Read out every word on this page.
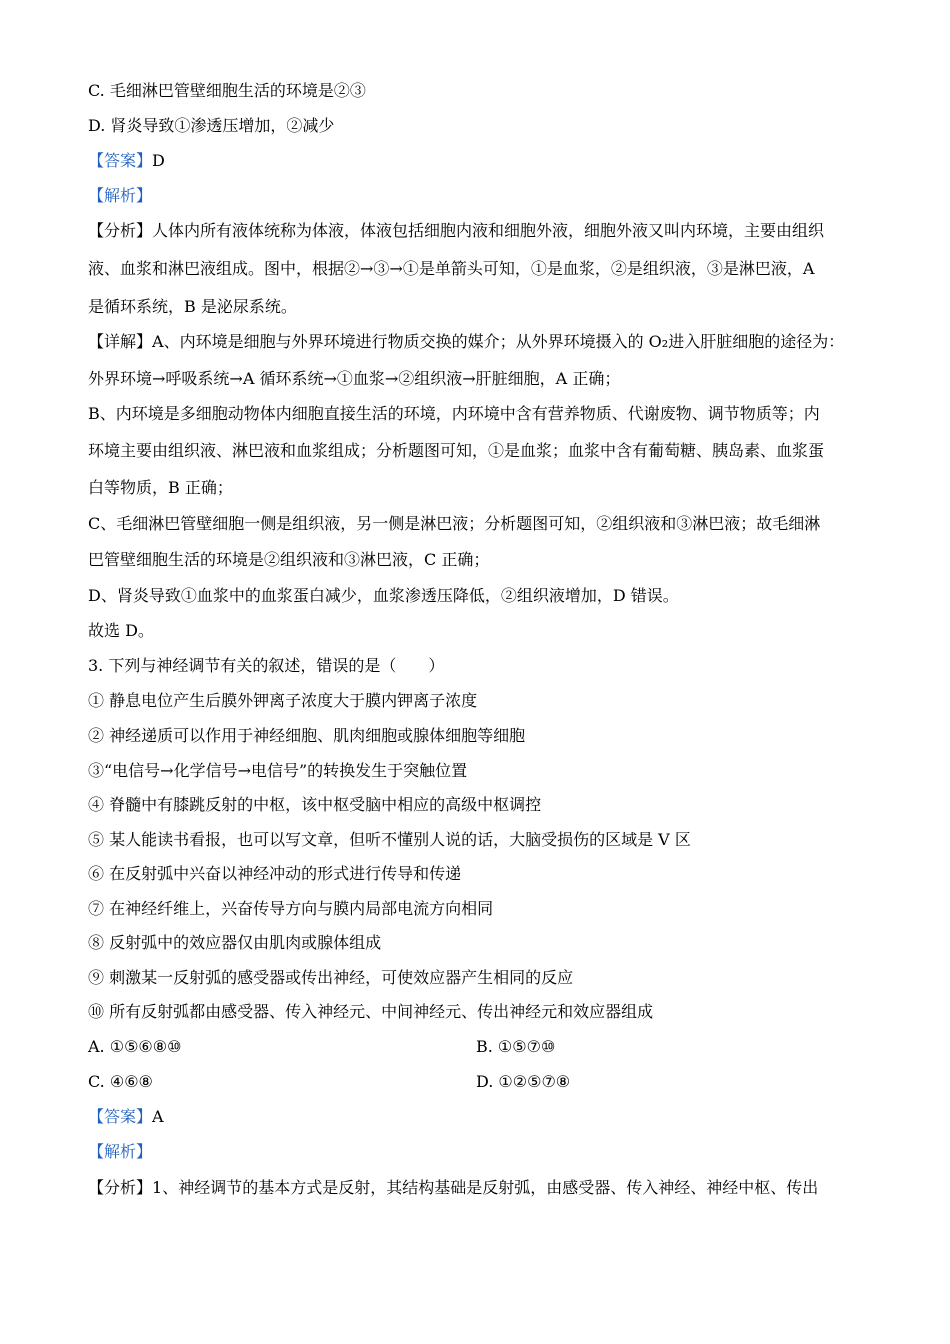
C. 毛细淋巴管壁细胞生活的环境是②③
D. 肾炎导致①渗透压增加，②减少
【答案】D
【解析】
【分析】人体内所有液体统称为体液，体液包括细胞内液和细胞外液，细胞外液又叫内环境，主要由组织
液、血浆和淋巴液组成。图中，根据②→③→①是单箭头可知，①是血浆，②是组织液，③是淋巴液，A
是循环系统，B 是泌尿系统。
【详解】A、内环境是细胞与外界环境进行物质交换的媒介；从外界环境摄入的 O₂进入肝脏细胞的途径为：
外界环境→呼吸系统→A 循环系统→①血浆→②组织液→肝脏细胞，A 正确；
B、内环境是多细胞动物体内细胞直接生活的环境，内环境中含有营养物质、代谢废物、调节物质等；内
环境主要由组织液、淋巴液和血浆组成；分析题图可知，①是血浆；血浆中含有葡萄糖、胰岛素、血浆蛋
白等物质，B 正确；
C、毛细淋巴管壁细胞一侧是组织液，另一侧是淋巴液；分析题图可知，②组织液和③淋巴液；故毛细淋
巴管壁细胞生活的环境是②组织液和③淋巴液，C 正确；
D、肾炎导致①血浆中的血浆蛋白减少，血浆渗透压降低，②组织液增加，D 错误。
故选 D。
3. 下列与神经调节有关的叙述，错误的是（　　）
① 静息电位产生后膜外钾离子浓度大于膜内钾离子浓度
② 神经递质可以作用于神经细胞、肌肉细胞或腺体细胞等细胞
③“电信号→化学信号→电信号”的转换发生于突触位置
④ 脊髓中有膝跳反射的中枢，该中枢受脑中相应的高级中枢调控
⑤ 某人能读书看报，也可以写文章，但听不懂别人说的话，大脑受损伤的区域是 V 区
⑥ 在反射弧中兴奋以神经冲动的形式进行传导和传递
⑦ 在神经纤维上，兴奋传导方向与膜内局部电流方向相同
⑧ 反射弧中的效应器仅由肌肉或腺体组成
⑨ 刺激某一反射弧的感受器或传出神经，可使效应器产生相同的反应
⑩ 所有反射弧都由感受器、传入神经元、中间神经元、传出神经元和效应器组成
A. ①⑤⑥⑧⑩	B. ①⑤⑦⑩
C. ④⑥⑧	D. ①②⑤⑦⑧
【答案】A
【解析】
【分析】1、神经调节的基本方式是反射，其结构基础是反射弧，由感受器、传入神经、神经中枢、传出
